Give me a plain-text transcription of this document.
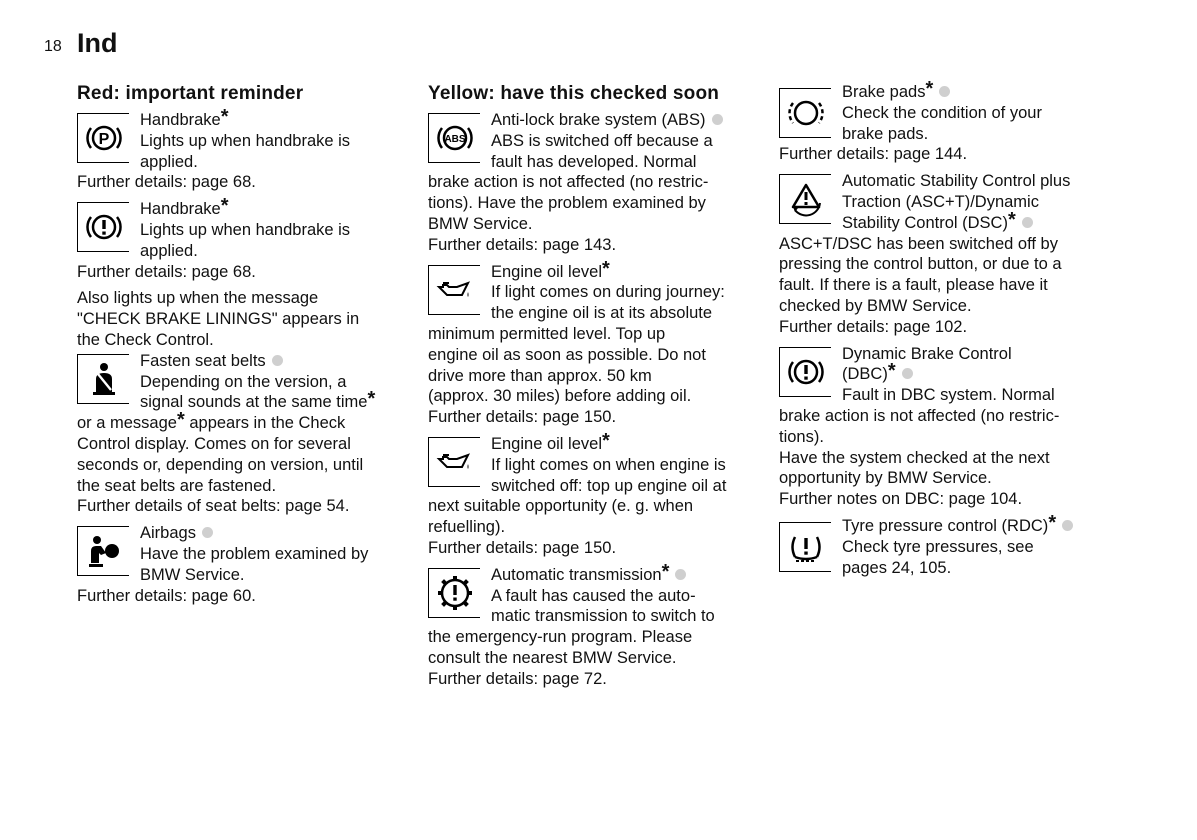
18 Ind
Red: important reminder
P
Handbrake*
Lights up when handbrake is
applied.
Further details: page 68.
Handbrake*
Lights up when handbrake is
applied.
Further details: page 68.
Also lights up when the message
"CHECK BRAKE LININGS" appears in
the Check Control.
Fasten seat belts
Depending on the version, a
signal sounds at the same time*
or a message* appears in the Check
Control display. Comes on for several
seconds or, depending on version, until
the seat belts are fastened.
Further details of seat belts: page 54.
Airbags
Have the problem examined by
BMW Service.
Further details: page 60.
Yellow: have this checked soon
ABS
Anti-lock brake system (ABS)
ABS is switched off because a
fault has developed. Normal
brake action is not affected (no restric-
tions). Have the problem examined by
BMW Service.
Further details: page 143.
Engine oil level*
If light comes on during journey:
the engine oil is at its absolute
minimum permitted level. Top up
engine oil as soon as possible. Do not
drive more than approx. 50 km
(approx. 30 miles) before adding oil.
Further details: page 150.
Engine oil level*
If light comes on when engine is
switched off: top up engine oil at
next suitable opportunity (e. g. when
refuelling).
Further details: page 150.
Automatic transmission*
A fault has caused the auto-
matic transmission to switch to
the emergency-run program. Please
consult the nearest BMW Service.
Further details: page 72.
Brake pads*
Check the condition of your
brake pads.
Further details: page 144.
Automatic Stability Control plus
Traction (ASC+T)/Dynamic
Stability Control (DSC)*
ASC+T/DSC has been switched off by
pressing the control button, or due to a
fault. If there is a fault, please have it
checked by BMW Service.
Further details: page 102.
Dynamic Brake Control
(DBC)*
Fault in DBC system. Normal
brake action is not affected (no restric-
tions).
Have the system checked at the next
opportunity by BMW Service.
Further notes on DBC: page 104.
Tyre pressure control (RDC)*
Check tyre pressures, see
pages 24, 105.
